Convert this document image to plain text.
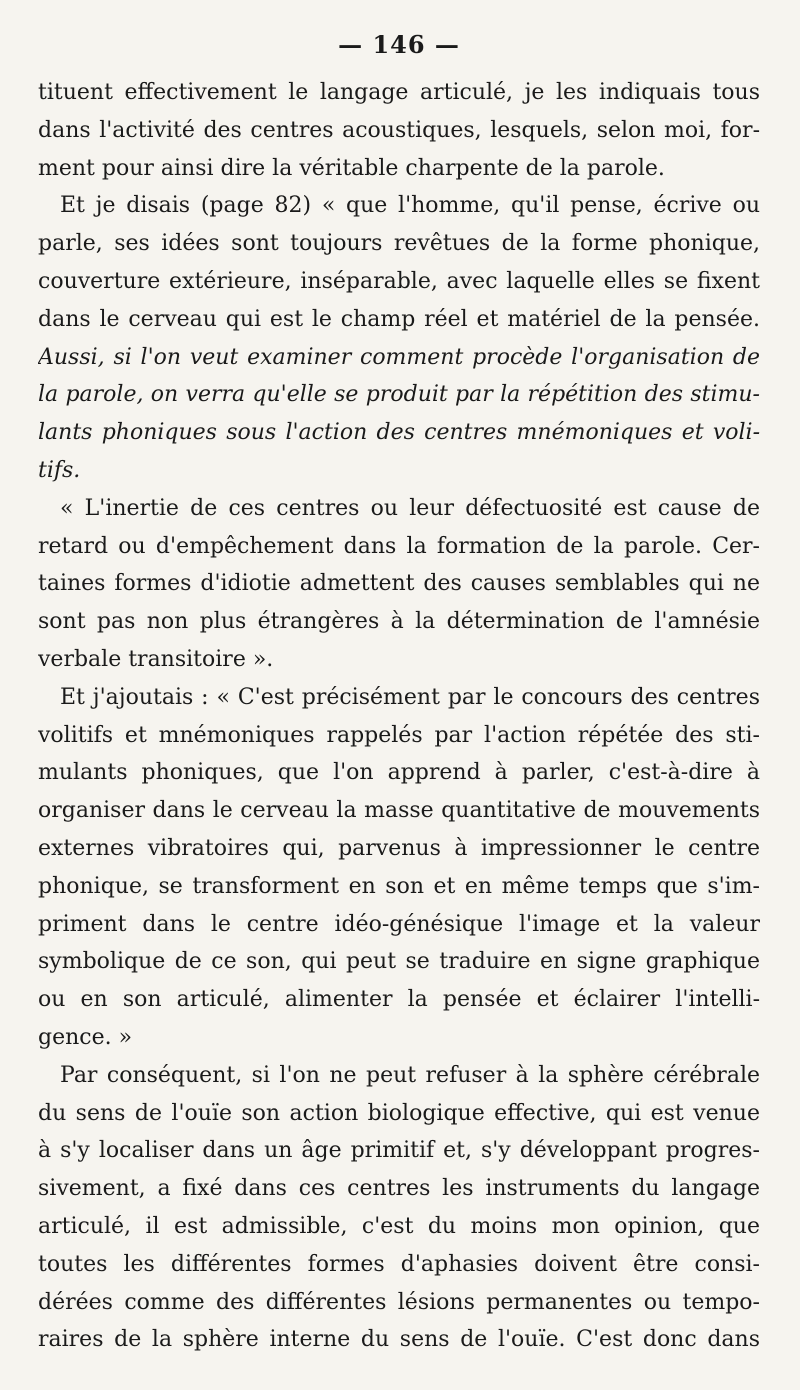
— 146 —
tituent effectivement le langage articulé, je les indiquais tous
dans l'activité des centres acoustiques, lesquels, selon moi, for-
ment pour ainsi dire la véritable charpente de la parole.
Et je disais (page 82) « que l'homme, qu'il pense, écrive ou
parle, ses idées sont toujours revêtues de la forme phonique,
couverture extérieure, inséparable, avec laquelle elles se fixent
dans le cerveau qui est le champ réel et matériel de la pensée.
Aussi, si l'on veut examiner comment procède l'organisation de
la parole, on verra qu'elle se produit par la répétition des stimu-
lants phoniques sous l'action des centres mnémoniques et voli-
tifs.
« L'inertie de ces centres ou leur défectuosité est cause de
retard ou d'empêchement dans la formation de la parole. Cer-
taines formes d'idiotie admettent des causes semblables qui ne
sont pas non plus étrangères à la détermination de l'amnésie
verbale transitoire ».
Et j'ajoutais : « C'est précisément par le concours des centres
volitifs et mnémoniques rappelés par l'action répétée des sti-
mulants phoniques, que l'on apprend à parler, c'est-à-dire à
organiser dans le cerveau la masse quantitative de mouvements
externes vibratoires qui, parvenus à impressionner le centre
phonique, se transforment en son et en même temps que s'im-
priment dans le centre idéo-génésique l'image et la valeur
symbolique de ce son, qui peut se traduire en signe graphique
ou en son articulé, alimenter la pensée et éclairer l'intelli-
gence. »
Par conséquent, si l'on ne peut refuser à la sphère cérébrale
du sens de l'ouïe son action biologique effective, qui est venue
à s'y localiser dans un âge primitif et, s'y développant progres-
sivement, a fixé dans ces centres les instruments du langage
articulé, il est admissible, c'est du moins mon opinion, que
toutes les différentes formes d'aphasies doivent être consi-
dérées comme des différentes lésions permanentes ou tempo-
raires de la sphère interne du sens de l'ouïe. C'est donc dans
